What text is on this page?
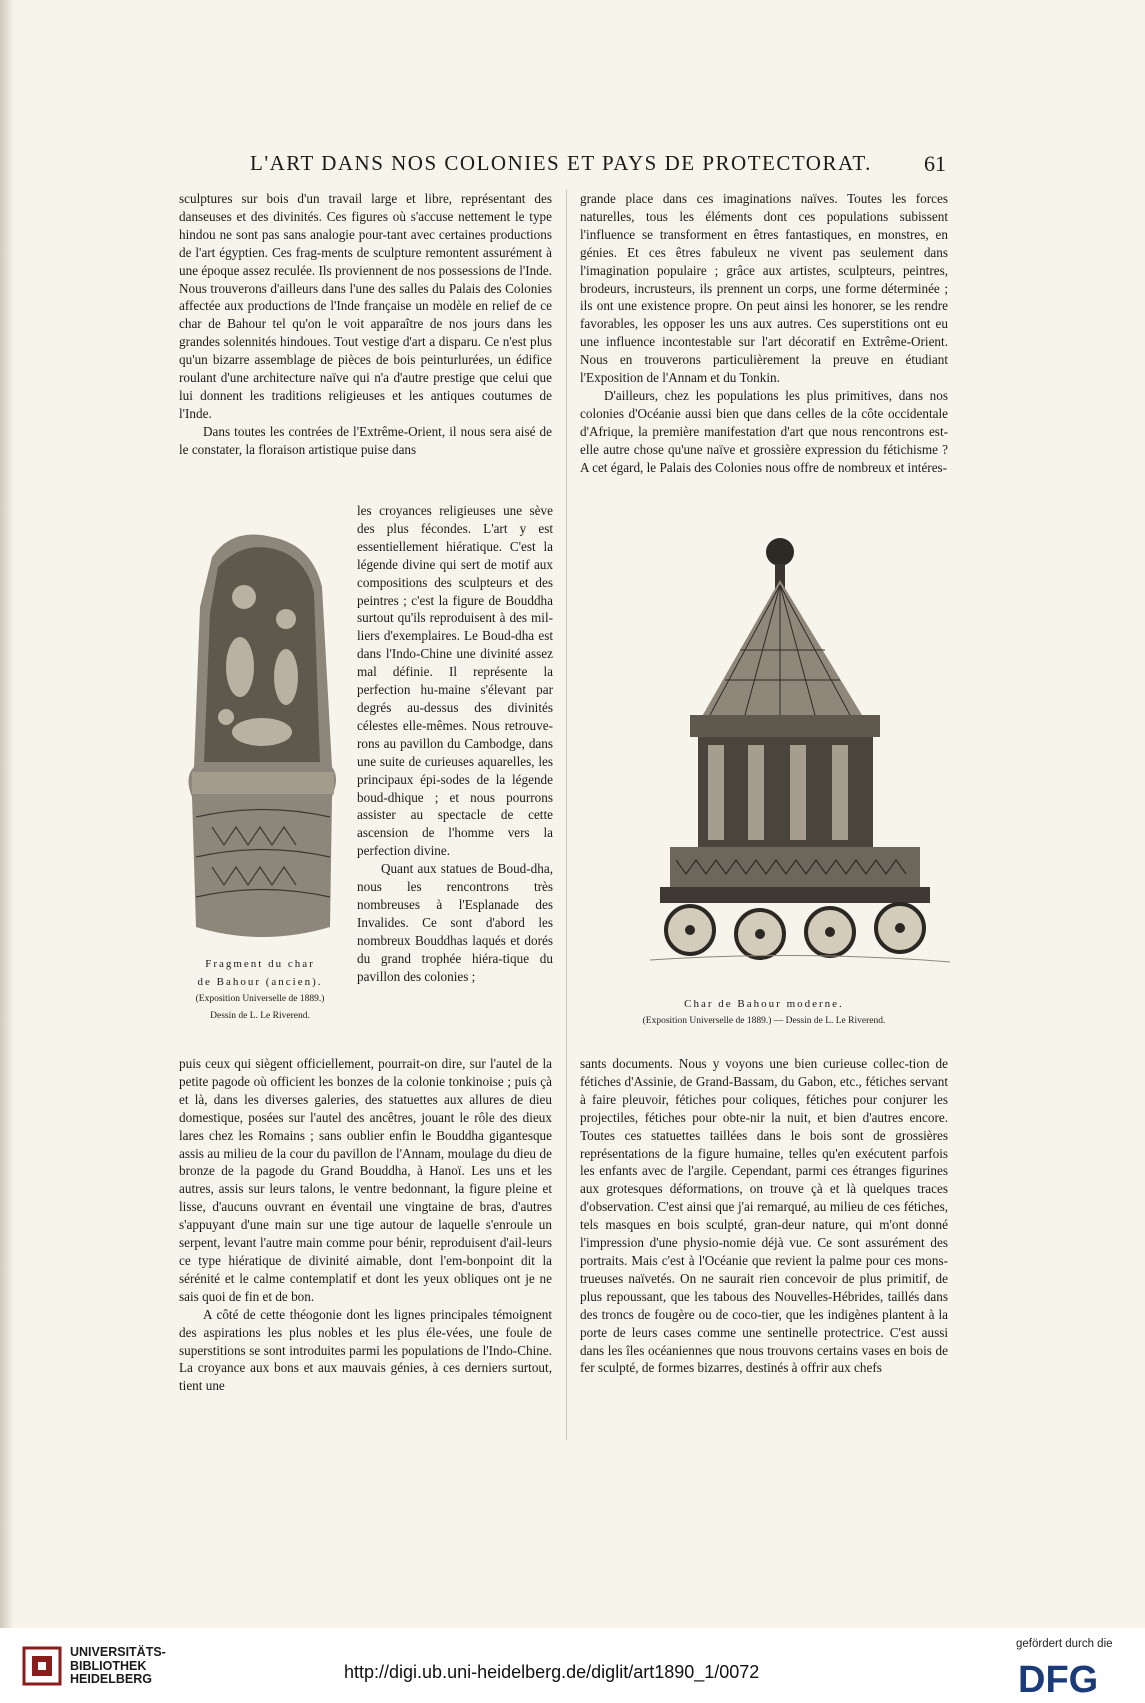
L'ART DANS NOS COLONIES ET PAYS DE PROTECTORAT.	61

sculptures sur bois d'un travail large et libre, représentant des danseuses et des divinités. Ces figures où s'accuse nettement le type hindou ne sont pas sans analogie pour-tant avec certaines productions de l'art égyptien. Ces frag-ments de sculpture remontent assurément à une époque assez reculée. Ils proviennent de nos possessions de l'Inde. Nous trouverons d'ailleurs dans l'une des salles du Palais des Colonies affectée aux productions de l'Inde française un modèle en relief de ce char de Bahour tel qu'on le voit apparaître de nos jours dans les grandes solennités hindoues. Tout vestige d'art a disparu. Ce n'est plus qu'un bizarre assemblage de pièces de bois peinturlurées, un édifice roulant d'une architecture naïve qui n'a d'autre prestige que celui que lui donnent les traditions religieuses et les antiques coutumes de l'Inde.

Dans toutes les contrées de l'Extrême-Orient, il nous sera aisé de le constater, la floraison artistique puise dans

les croyances religieuses une sève des plus fécondes. L'art y est essentiellement hiératique. C'est la légende divine qui sert de motif aux compositions des sculpteurs et des peintres ; c'est la figure de Bouddha surtout qu'ils reproduisent à des mil-liers d'exemplaires. Le Boud-dha est dans l'Indo-Chine une divinité assez mal définie. Il représente la perfection hu-maine s'élevant par degrés au-dessus des divinités célestes elle-mêmes. Nous retrouve-rons au pavillon du Cambodge, dans une suite de curieuses aquarelles, les principaux épi-sodes de la légende boud-dhique ; et nous pourrons assister au spectacle de cette ascension de l'homme vers la perfection divine.

Quant aux statues de Boud-dha, nous les rencontrons très nombreuses à l'Esplanade des Invalides. Ce sont d'abord les nombreux Bouddhas laqués et dorés du grand trophée hiéra-tique du pavillon des colonies ;

Fragment du char
de Bahour (ancien).
(Exposition Universelle de 1889.)
Dessin de L. Le Riverend.

puis ceux qui siègent officiellement, pourrait-on dire, sur l'autel de la petite pagode où officient les bonzes de la colonie tonkinoise ; puis çà et là, dans les diverses galeries, des statuettes aux allures de dieu domestique, posées sur l'autel des ancêtres, jouant le rôle des dieux lares chez les Romains ; sans oublier enfin le Bouddha gigantesque assis au milieu de la cour du pavillon de l'Annam, moulage du dieu de bronze de la pagode du Grand Bouddha, à Hanoï. Les uns et les autres, assis sur leurs talons, le ventre bedonnant, la figure pleine et lisse, d'aucuns ouvrant en éventail une vingtaine de bras, d'autres s'appuyant d'une main sur une tige autour de laquelle s'enroule un serpent, levant l'autre main comme pour bénir, reproduisent d'ail-leurs ce type hiératique de divinité aimable, dont l'em-bonpoint dit la sérénité et le calme contemplatif et dont les yeux obliques ont je ne sais quoi de fin et de bon.

A côté de cette théogonie dont les lignes principales témoignent des aspirations les plus nobles et les plus éle-vées, une foule de superstitions se sont introduites parmi les populations de l'Indo-Chine. La croyance aux bons et aux mauvais génies, à ces derniers surtout, tient une

grande place dans ces imaginations naïves. Toutes les forces naturelles, tous les éléments dont ces populations subissent l'influence se transforment en êtres fantastiques, en monstres, en génies. Et ces êtres fabuleux ne vivent pas seulement dans l'imagination populaire ; grâce aux artistes, sculpteurs, peintres, brodeurs, incrusteurs, ils prennent un corps, une forme déterminée ; ils ont une existence propre. On peut ainsi les honorer, se les rendre favorables, les opposer les uns aux autres. Ces superstitions ont eu une influence incontestable sur l'art décoratif en Extrême-Orient. Nous en trouverons particulièrement la preuve en étudiant l'Exposition de l'Annam et du Tonkin.

D'ailleurs, chez les populations les plus primitives, dans nos colonies d'Océanie aussi bien que dans celles de la côte occidentale d'Afrique, la première manifestation d'art que nous rencontrons est-elle autre chose qu'une naïve et grossière expression du fétichisme ? A cet égard, le Palais des Colonies nous offre de nombreux et intéres-

Char de Bahour moderne.
(Exposition Universelle de 1889.) — Dessin de L. Le Riverend.

sants documents. Nous y voyons une bien curieuse collec-tion de fétiches d'Assinie, de Grand-Bassam, du Gabon, etc., fétiches servant à faire pleuvoir, fétiches pour coliques, fétiches pour conjurer les projectiles, fétiches pour obte-nir la nuit, et bien d'autres encore. Toutes ces statuettes taillées dans le bois sont de grossières représentations de la figure humaine, telles qu'en exécutent parfois les enfants avec de l'argile. Cependant, parmi ces étranges figurines aux grotesques déformations, on trouve çà et là quelques traces d'observation. C'est ainsi que j'ai remarqué, au milieu de ces fétiches, tels masques en bois sculpté, gran-deur nature, qui m'ont donné l'impression d'une physio-nomie déjà vue. Ce sont assurément des portraits. Mais c'est à l'Océanie que revient la palme pour ces mons-trueuses naïvetés. On ne saurait rien concevoir de plus primitif, de plus repoussant, que les tabous des Nouvelles-Hébrides, taillés dans des troncs de fougère ou de coco-tier, que les indigènes plantent à la porte de leurs cases comme une sentinelle protectrice. C'est aussi dans les îles océaniennes que nous trouvons certains vases en bois de fer sculpté, de formes bizarres, destinés à offrir aux chefs

UNIVERSITÄTS-
BIBLIOTHEK
HEIDELBERG	http://digi.ub.uni-heidelberg.de/diglit/art1890_1/0072
gefördert durch die
DFG
